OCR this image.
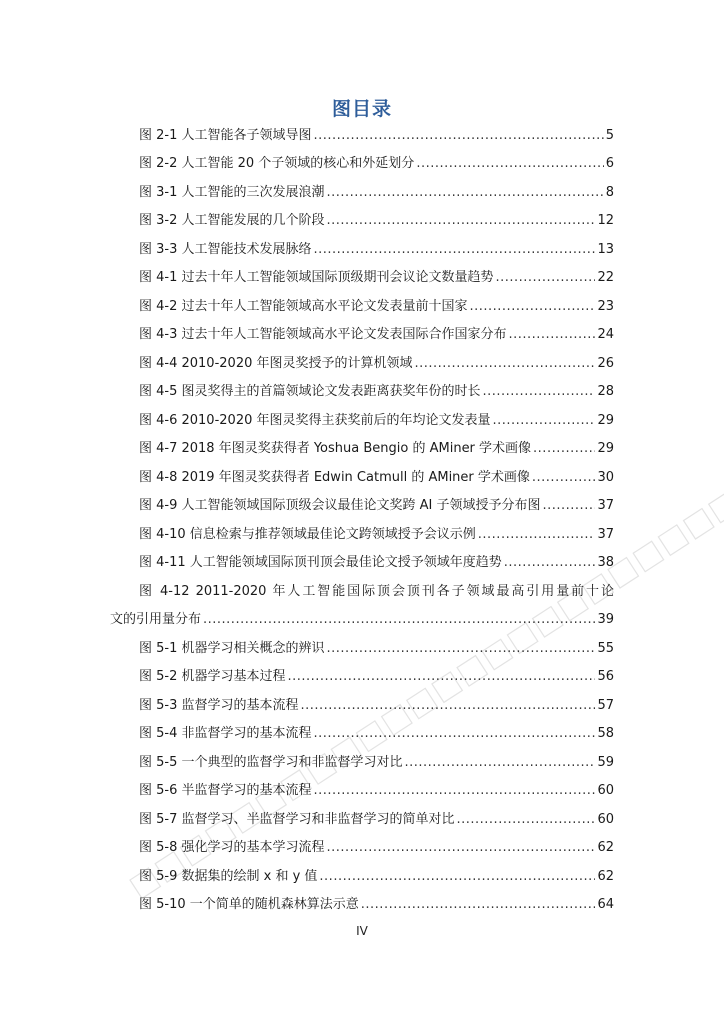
图目录
图 2-1 人工智能各子领域导图 .....	5
图 2-2 人工智能 20 个子领域的核心和外延划分 .....	6
图 3-1 人工智能的三次发展浪潮 .....	8
图 3-2 人工智能发展的几个阶段 .....	12
图 3-3 人工智能技术发展脉络 .....	13
图 4-1 过去十年人工智能领域国际顶级期刊会议论文数量趋势 .....	22
图 4-2 过去十年人工智能领域高水平论文发表量前十国家 .....	23
图 4-3 过去十年人工智能领域高水平论文发表国际合作国家分布 .....	24
图 4-4 2010-2020 年图灵奖授予的计算机领域 .....	26
图 4-5 图灵奖得主的首篇领域论文发表距离获奖年份的时长 .....	28
图 4-6 2010-2020 年图灵奖得主获奖前后的年均论文发表量 .....	29
图 4-7 2018 年图灵奖获得者 Yoshua Bengio 的 AMiner 学术画像 .....	29
图 4-8 2019 年图灵奖获得者 Edwin Catmull 的 AMiner 学术画像 .....	30
图 4-9 人工智能领域国际顶级会议最佳论文奖跨 AI 子领域授予分布图 .....	37
图 4-10 信息检索与推荐领域最佳论文跨领域授予会议示例 .....	37
图 4-11 人工智能领域国际顶刊顶会最佳论文授予领域年度趋势 .....	38
图 4-12 2011-2020 年人工智能国际顶会顶刊各子领域最高引用量前十论
文的引用量分布 .....	39
图 5-1 机器学习相关概念的辨识 .....	55
图 5-2 机器学习基本过程 .....	56
图 5-3 监督学习的基本流程 .....	57
图 5-4 非监督学习的基本流程 .....	58
图 5-5 一个典型的监督学习和非监督学习对比 .....	59
图 5-6 半监督学习的基本流程 .....	60
图 5-7 监督学习、半监督学习和非监督学习的简单对比 .....	60
图 5-8 强化学习的基本学习流程 .....	62
图 5-9 数据集的绘制 x 和 y 值 .....	62
图 5-10 一个简单的随机森林算法示意 .....	64
IV
